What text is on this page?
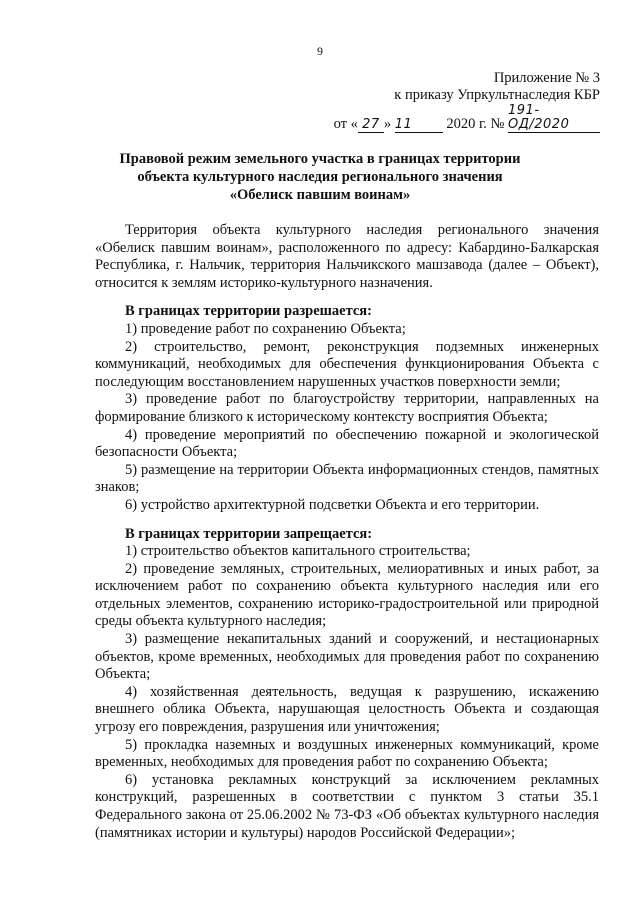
9
Приложение № 3
к приказу Упркультнаследия КБР
от « 27 » 11 2020 г. № 191-ОД/2020
Правовой режим земельного участка в границах территории
объекта культурного наследия регионального значения
«Обелиск павшим воинам»

Территория объекта культурного наследия регионального значения «Обелиск павшим воинам», расположенного по адресу: Кабардино-Балкарская Республика, г. Нальчик, территория Нальчикского машзавода (далее – Объект), относится к землям историко-культурного назначения.

В границах территории разрешается:

1) проведение работ по сохранению Объекта;

2) строительство, ремонт, реконструкция подземных инженерных коммуникаций, необходимых для обеспечения функционирования Объекта с последующим восстановлением нарушенных участков поверхности земли;

3) проведение работ по благоустройству территории, направленных на формирование близкого к историческому контексту восприятия Объекта;

4) проведение мероприятий по обеспечению пожарной и экологической безопасности Объекта;

5) размещение на территории Объекта информационных стендов, памятных знаков;

6) устройство архитектурной подсветки Объекта и его территории.

В границах территории запрещается:

1) строительство объектов капитального строительства;

2) проведение земляных, строительных, мелиоративных и иных работ, за исключением работ по сохранению объекта культурного наследия или его отдельных элементов, сохранению историко-градостроительной или природной среды объекта культурного наследия;

3) размещение некапитальных зданий и сооружений, и нестационарных объектов, кроме временных, необходимых для проведения работ по сохранению Объекта;

4) хозяйственная деятельность, ведущая к разрушению, искажению внешнего облика Объекта, нарушающая целостность Объекта и создающая угрозу его повреждения, разрушения или уничтожения;

5) прокладка наземных и воздушных инженерных коммуникаций, кроме временных, необходимых для проведения работ по сохранению Объекта;

6) установка рекламных конструкций за исключением рекламных конструкций, разрешенных в соответствии с пунктом 3 статьи 35.1 Федерального закона от 25.06.2002 № 73-ФЗ «Об объектах культурного наследия (памятниках истории и культуры) народов Российской Федерации»;
